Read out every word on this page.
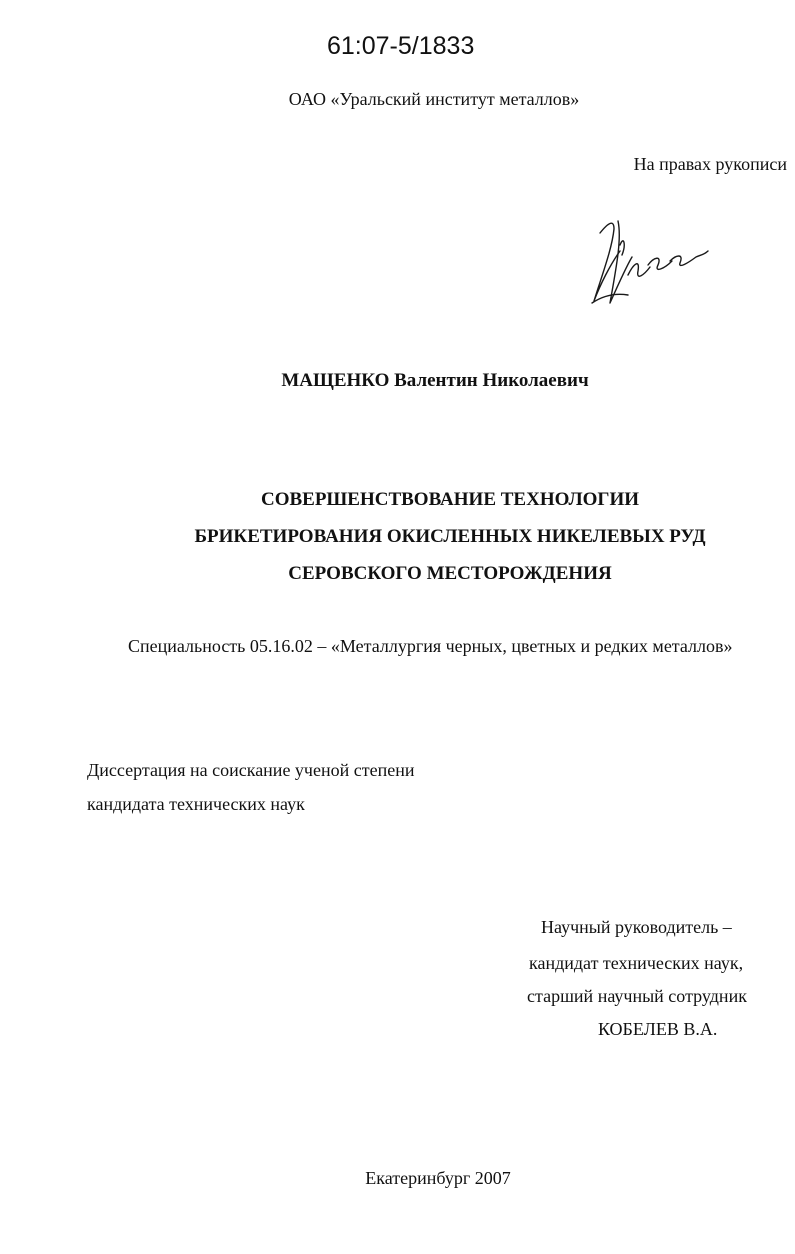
61:07-5/1833
ОАО «Уральский институт металлов»
На правах рукописи
МАЩЕНКО Валентин Николаевич
СОВЕРШЕНСТВОВАНИЕ ТЕХНОЛОГИИ
БРИКЕТИРОВАНИЯ ОКИСЛЕННЫХ НИКЕЛЕВЫХ РУД
СЕРОВСКОГО МЕСТОРОЖДЕНИЯ
Специальность 05.16.02 – «Металлургия черных, цветных и редких металлов»
Диссертация на соискание ученой степени
кандидата технических наук
Научный руководитель –
кандидат технических наук,
старший научный сотрудник
КОБЕЛЕВ В.А.
Екатеринбург 2007
